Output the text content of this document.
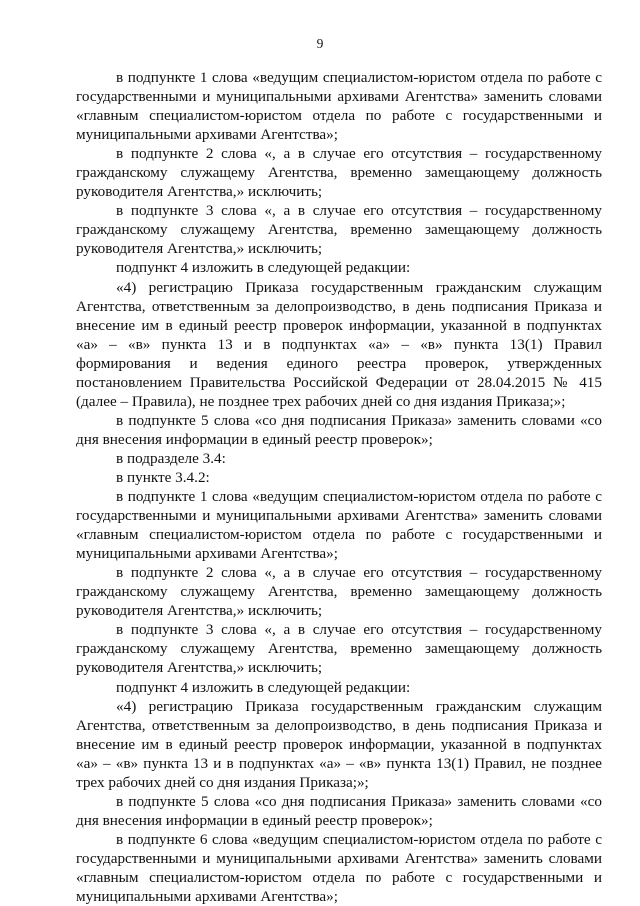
9

в подпункте 1 слова «ведущим специалистом-юристом отдела по работе с государственными и муниципальными архивами Агентства» заменить словами «главным специалистом-юристом отдела по работе с государственными и муниципальными архивами Агентства»;

в подпункте 2 слова «, а в случае его отсутствия – государственному гражданскому служащему Агентства, временно замещающему должность руководителя Агентства,» исключить;

в подпункте 3 слова «, а в случае его отсутствия – государственному гражданскому служащему Агентства, временно замещающему должность руководителя Агентства,» исключить;

подпункт 4 изложить в следующей редакции:

«4) регистрацию Приказа государственным гражданским служащим Агентства, ответственным за делопроизводство, в день подписания Приказа и внесение им в единый реестр проверок информации, указанной в подпунктах «а» – «в» пункта 13 и в подпунктах «а» – «в» пункта 13(1) Правил формирования и ведения единого реестра проверок, утвержденных постановлением Правительства Российской Федерации от 28.04.2015 № 415 (далее – Правила), не позднее трех рабочих дней со дня издания Приказа;»;

в подпункте 5 слова «со дня подписания Приказа» заменить словами «со дня внесения информации в единый реестр проверок»;

в подразделе 3.4:

в пункте 3.4.2:

в подпункте 1 слова «ведущим специалистом-юристом отдела по работе с государственными и муниципальными архивами Агентства» заменить словами «главным специалистом-юристом отдела по работе с государственными и муниципальными архивами Агентства»;

в подпункте 2 слова «, а в случае его отсутствия – государственному гражданскому служащему Агентства, временно замещающему должность руководителя Агентства,» исключить;

в подпункте 3 слова «, а в случае его отсутствия – государственному гражданскому служащему Агентства, временно замещающему должность руководителя Агентства,» исключить;

подпункт 4 изложить в следующей редакции:

«4) регистрацию Приказа государственным гражданским служащим Агентства, ответственным за делопроизводство, в день подписания Приказа и внесение им в единый реестр проверок информации, указанной в подпунктах «а» – «в» пункта 13 и в подпунктах «а» – «в» пункта 13(1) Правил, не позднее трех рабочих дней со дня издания Приказа;»;

в подпункте 5 слова «со дня подписания Приказа» заменить словами «со дня внесения информации в единый реестр проверок»;

в подпункте 6 слова «ведущим специалистом-юристом отдела по работе с государственными и муниципальными архивами Агентства» заменить словами «главным специалистом-юристом отдела по работе с государственными и муниципальными архивами Агентства»;
